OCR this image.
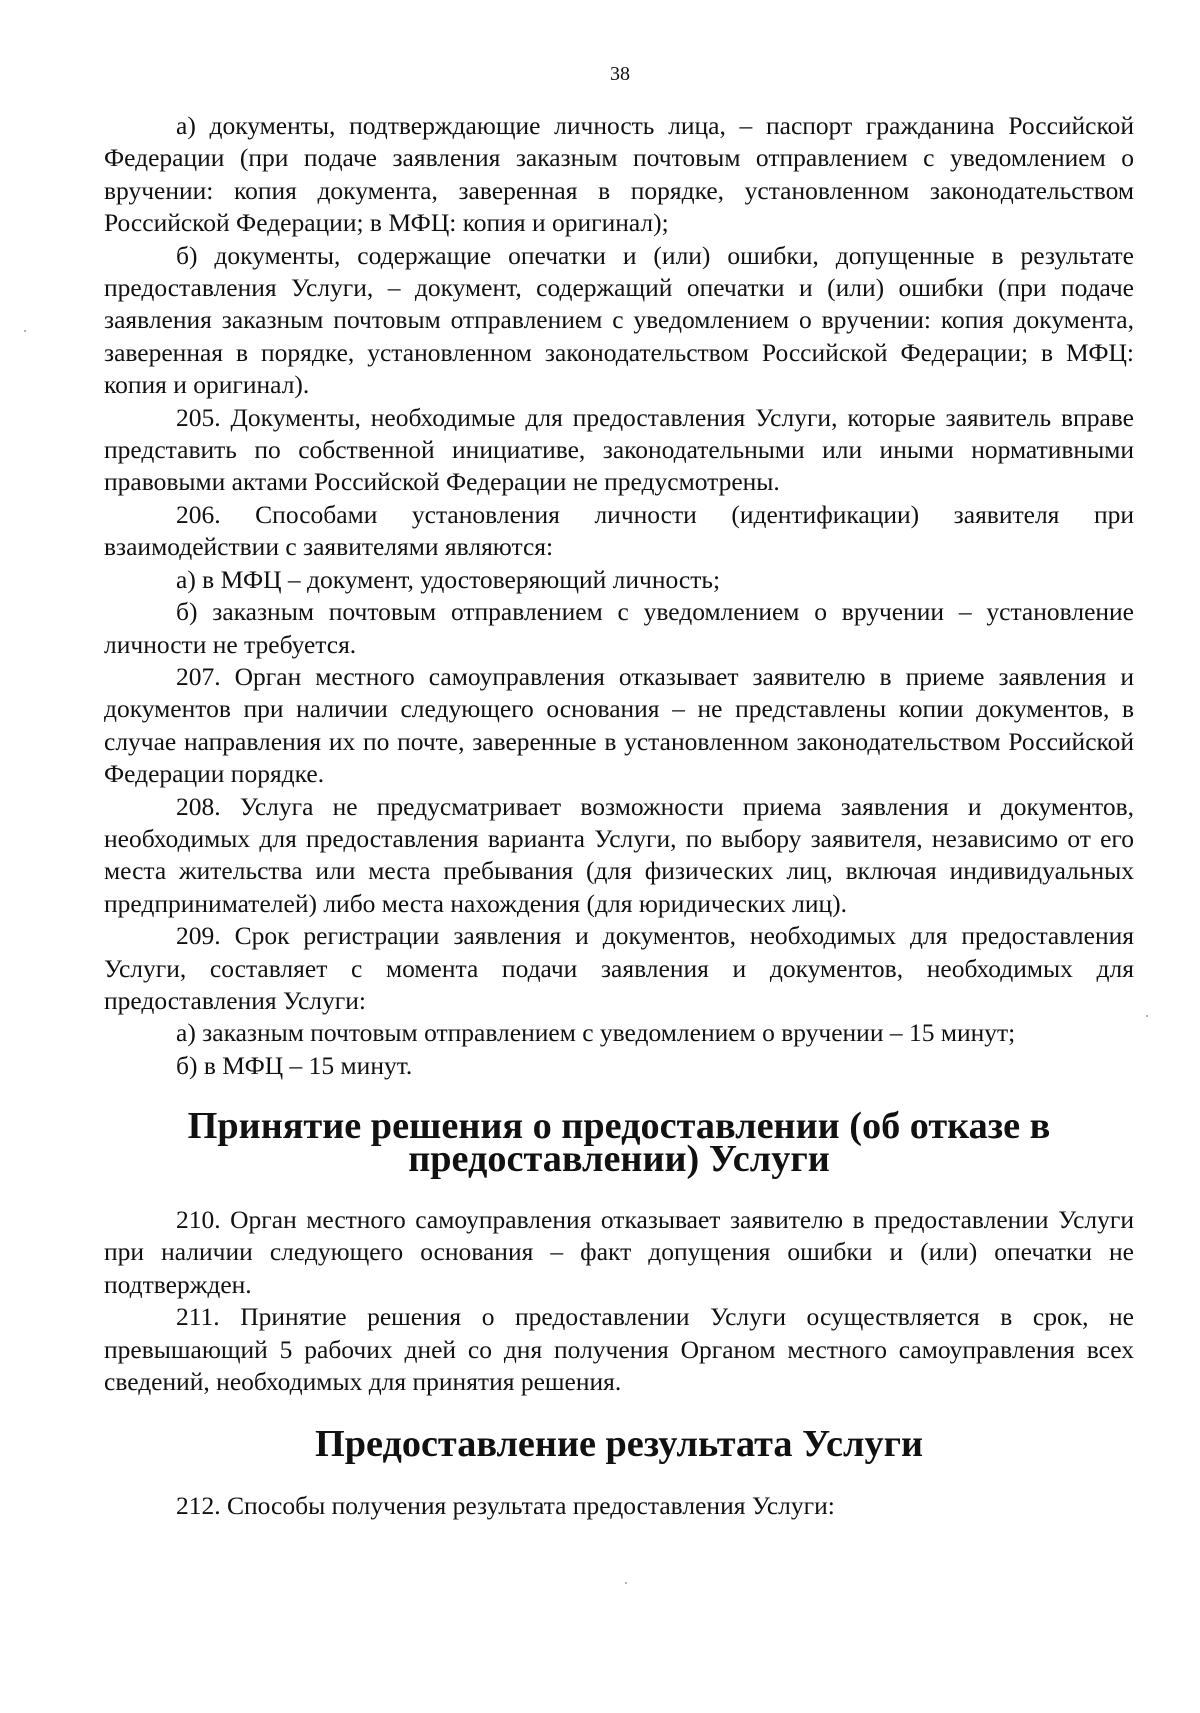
38

а) документы, подтверждающие личность лица, – паспорт гражданина Российской Федерации (при подаче заявления заказным почтовым отправлением с уведомлением о вручении: копия документа, заверенная в порядке, установленном законодательством Российской Федерации; в МФЦ: копия и оригинал);

б) документы, содержащие опечатки и (или) ошибки, допущенные в результате предоставления Услуги, – документ, содержащий опечатки и (или) ошибки (при подаче заявления заказным почтовым отправлением с уведомлением о вручении: копия документа, заверенная в порядке, установленном законодательством Российской Федерации; в МФЦ: копия и оригинал).

205. Документы, необходимые для предоставления Услуги, которые заявитель вправе представить по собственной инициативе, законодательными или иными нормативными правовыми актами Российской Федерации не предусмотрены.

206. Способами установления личности (идентификации) заявителя при взаимодействии с заявителями являются:

а) в МФЦ – документ, удостоверяющий личность;

б) заказным почтовым отправлением с уведомлением о вручении – установление личности не требуется.

207. Орган местного самоуправления отказывает заявителю в приеме заявления и документов при наличии следующего основания – не представлены копии документов, в случае направления их по почте, заверенные в установленном законодательством Российской Федерации порядке.

208. Услуга не предусматривает возможности приема заявления и документов, необходимых для предоставления варианта Услуги, по выбору заявителя, независимо от его места жительства или места пребывания (для физических лиц, включая индивидуальных предпринимателей) либо места нахождения (для юридических лиц).

209. Срок регистрации заявления и документов, необходимых для предоставления Услуги, составляет с момента подачи заявления и документов, необходимых для предоставления Услуги:

а) заказным почтовым отправлением с уведомлением о вручении – 15 минут;

б) в МФЦ – 15 минут.

Принятие решения о предоставлении (об отказе в предоставлении) Услуги

210. Орган местного самоуправления отказывает заявителю в предоставлении Услуги при наличии следующего основания – факт допущения ошибки и (или) опечатки не подтвержден.

211. Принятие решения о предоставлении Услуги осуществляется в срок, не превышающий 5 рабочих дней со дня получения Органом местного самоуправления всех сведений, необходимых для принятия решения.

Предоставление результата Услуги

212. Способы получения результата предоставления Услуги:
